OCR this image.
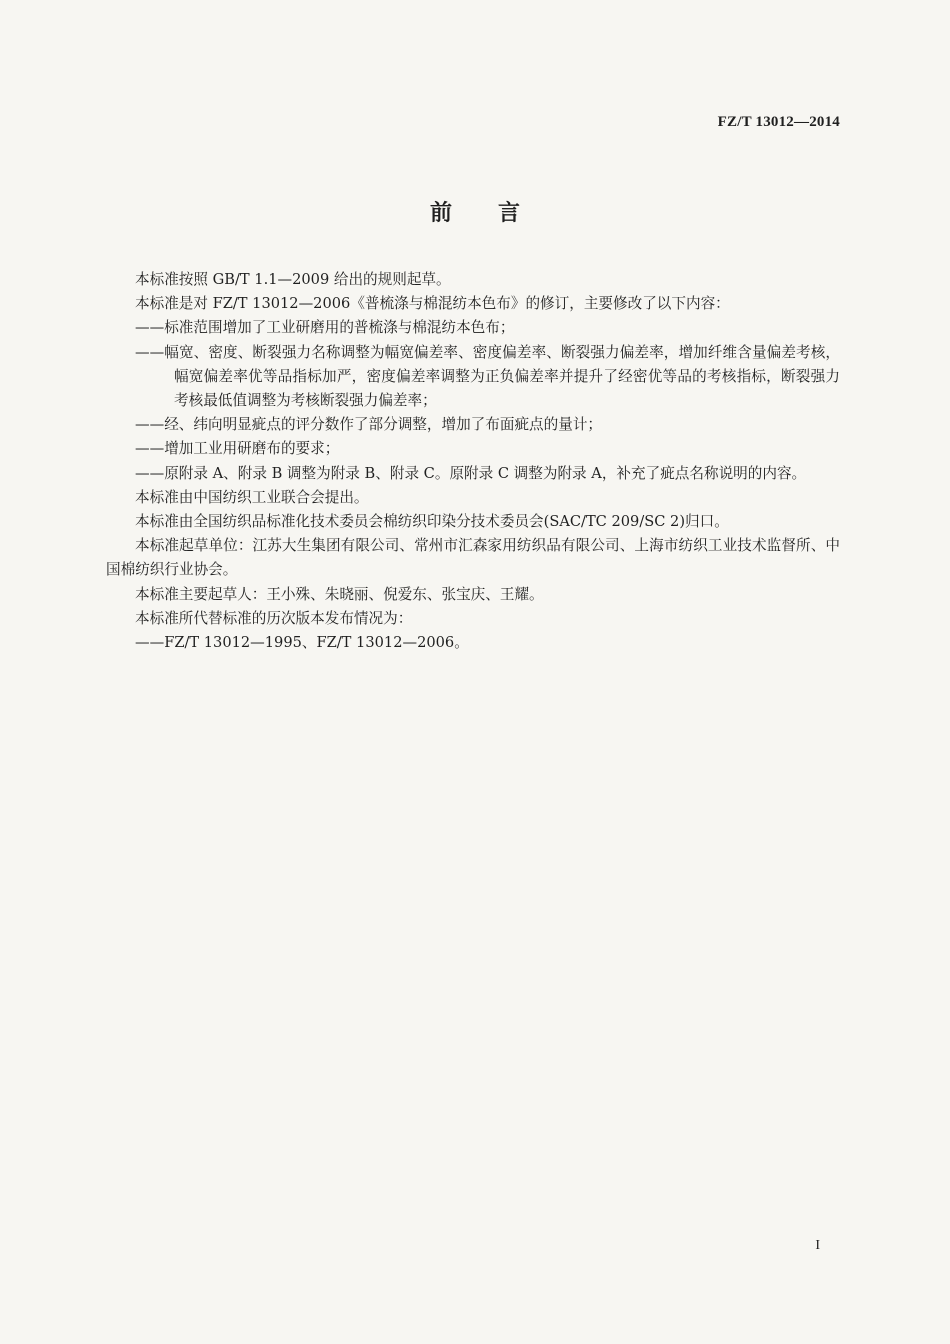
FZ/T 13012—2014
前言

本标准按照 GB/T 1.1—2009 给出的规则起草。

本标准是对 FZ/T 13012—2006《普梳涤与棉混纺本色布》的修订，主要修改了以下内容：

——标准范围增加了工业研磨用的普梳涤与棉混纺本色布；

——幅宽、密度、断裂强力名称调整为幅宽偏差率、密度偏差率、断裂强力偏差率，增加纤维含量偏差考核，幅宽偏差率优等品指标加严，密度偏差率调整为正负偏差率并提升了经密优等品的考核指标，断裂强力考核最低值调整为考核断裂强力偏差率；

——经、纬向明显疵点的评分数作了部分调整，增加了布面疵点的量计；

——增加工业用研磨布的要求；

——原附录 A、附录 B 调整为附录 B、附录 C。原附录 C 调整为附录 A，补充了疵点名称说明的内容。

本标准由中国纺织工业联合会提出。

本标准由全国纺织品标准化技术委员会棉纺织印染分技术委员会(SAC/TC 209/SC 2)归口。

本标准起草单位：江苏大生集团有限公司、常州市汇森家用纺织品有限公司、上海市纺织工业技术监督所、中国棉纺织行业协会。

本标准主要起草人：王小殊、朱晓丽、倪爱东、张宝庆、王耀。

本标准所代替标准的历次版本发布情况为：

——FZ/T 13012—1995、FZ/T 13012—2006。

I
